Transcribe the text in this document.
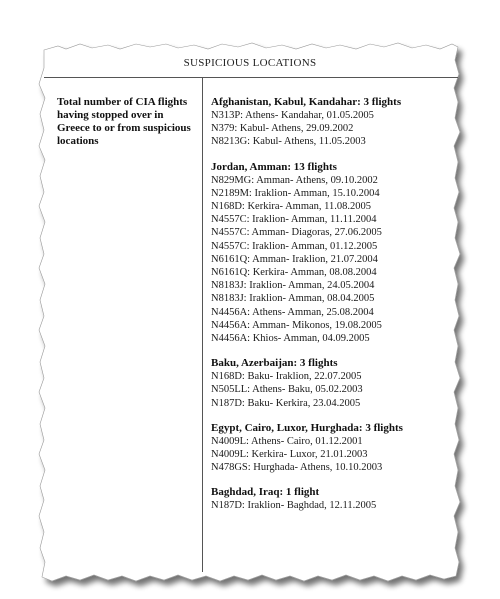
SUSPICIOUS LOCATIONS
Total number of CIA flights having stopped over in Greece to or from suspicious locations
Afghanistan, Kabul, Kandahar: 3 flights
N313P: Athens- Kandahar, 01.05.2005
N379: Kabul- Athens, 29.09.2002
N8213G: Kabul- Athens, 11.05.2003
Jordan, Amman: 13 flights
N829MG: Amman- Athens, 09.10.2002
N2189M: Iraklion- Amman, 15.10.2004
N168D: Kerkira- Amman, 11.08.2005
N4557C: Iraklion- Amman, 11.11.2004
N4557C: Amman- Diagoras, 27.06.2005
N4557C: Iraklion- Amman, 01.12.2005
N6161Q: Amman- Iraklion, 21.07.2004
N6161Q: Kerkira- Amman, 08.08.2004
N8183J: Iraklion- Amman, 24.05.2004
N8183J: Iraklion- Amman, 08.04.2005
N4456A: Athens- Amman, 25.08.2004
N4456A: Amman- Mikonos, 19.08.2005
N4456A: Khios- Amman, 04.09.2005
Baku, Azerbaijan: 3 flights
N168D: Baku- Iraklion, 22.07.2005
N505LL: Athens- Baku, 05.02.2003
N187D: Baku- Kerkira, 23.04.2005
Egypt, Cairo, Luxor, Hurghada: 3 flights
N4009L: Athens- Cairo, 01.12.2001
N4009L: Kerkira- Luxor, 21.01.2003
N478GS: Hurghada- Athens, 10.10.2003
Baghdad, Iraq: 1 flight
N187D: Iraklion- Baghdad, 12.11.2005
